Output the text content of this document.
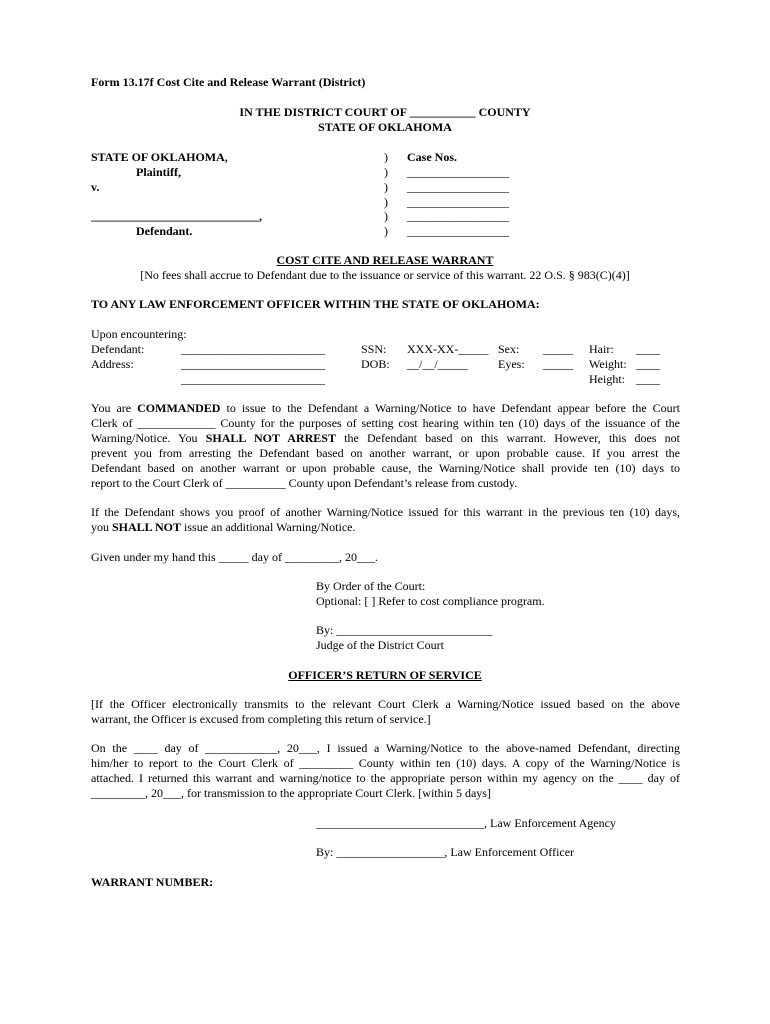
Form 13.17f Cost Cite and Release Warrant (District)
IN THE DISTRICT COURT OF ___________ COUNTY
STATE OF OKLAHOMA
STATE OF OKLAHOMA,
Plaintiff,
v.
____________________________,
Defendant.
)
)
)
)
)
)
Case Nos.
_________________
_________________
_________________
_________________
_________________
COST CITE AND RELEASE WARRANT
[No fees shall accrue to Defendant due to the issuance or service of this warrant. 22 O.S. § 983(C)(4)]
TO ANY LAW ENFORCEMENT OFFICER WITHIN THE STATE OF OKLAHOMA:
Upon encountering:
Defendant:
Address:
________________________
________________________
________________________
SSN: XXX-XX-_____
DOB: __/__/_____
Sex: _____
Eyes: _____
Hair: ____
Weight: ____
Height: ____
You are COMMANDED to issue to the Defendant a Warning/Notice to have Defendant appear before the Court
Clerk of _____________ County for the purposes of setting cost hearing within ten (10) days of the issuance of the
Warning/Notice. You SHALL NOT ARREST the Defendant based on this warrant. However, this does not
prevent you from arresting the Defendant based on another warrant, or upon probable cause. If you arrest the
Defendant based on another warrant or upon probable cause, the Warning/Notice shall provide ten (10) days to
report to the Court Clerk of __________ County upon Defendant’s release from custody.
If the Defendant shows you proof of another Warning/Notice issued for this warrant in the previous ten (10) days,
you SHALL NOT issue an additional Warning/Notice.
Given under my hand this _____ day of _________, 20___.
By Order of the Court:
Optional: [ ] Refer to cost compliance program.
By: __________________________
Judge of the District Court
OFFICER’S RETURN OF SERVICE
[If the Officer electronically transmits to the relevant Court Clerk a Warning/Notice issued based on the above
warrant, the Officer is excused from completing this return of service.]
On the ____ day of ____________, 20___, I issued a Warning/Notice to the above-named Defendant, directing
him/her to report to the Court Clerk of _________ County within ten (10) days. A copy of the Warning/Notice is
attached. I returned this warrant and warning/notice to the appropriate person within my agency on the ____ day of
_________, 20___, for transmission to the appropriate Court Clerk. [within 5 days]
____________________________, Law Enforcement Agency
By: __________________, Law Enforcement Officer
WARRANT NUMBER:
